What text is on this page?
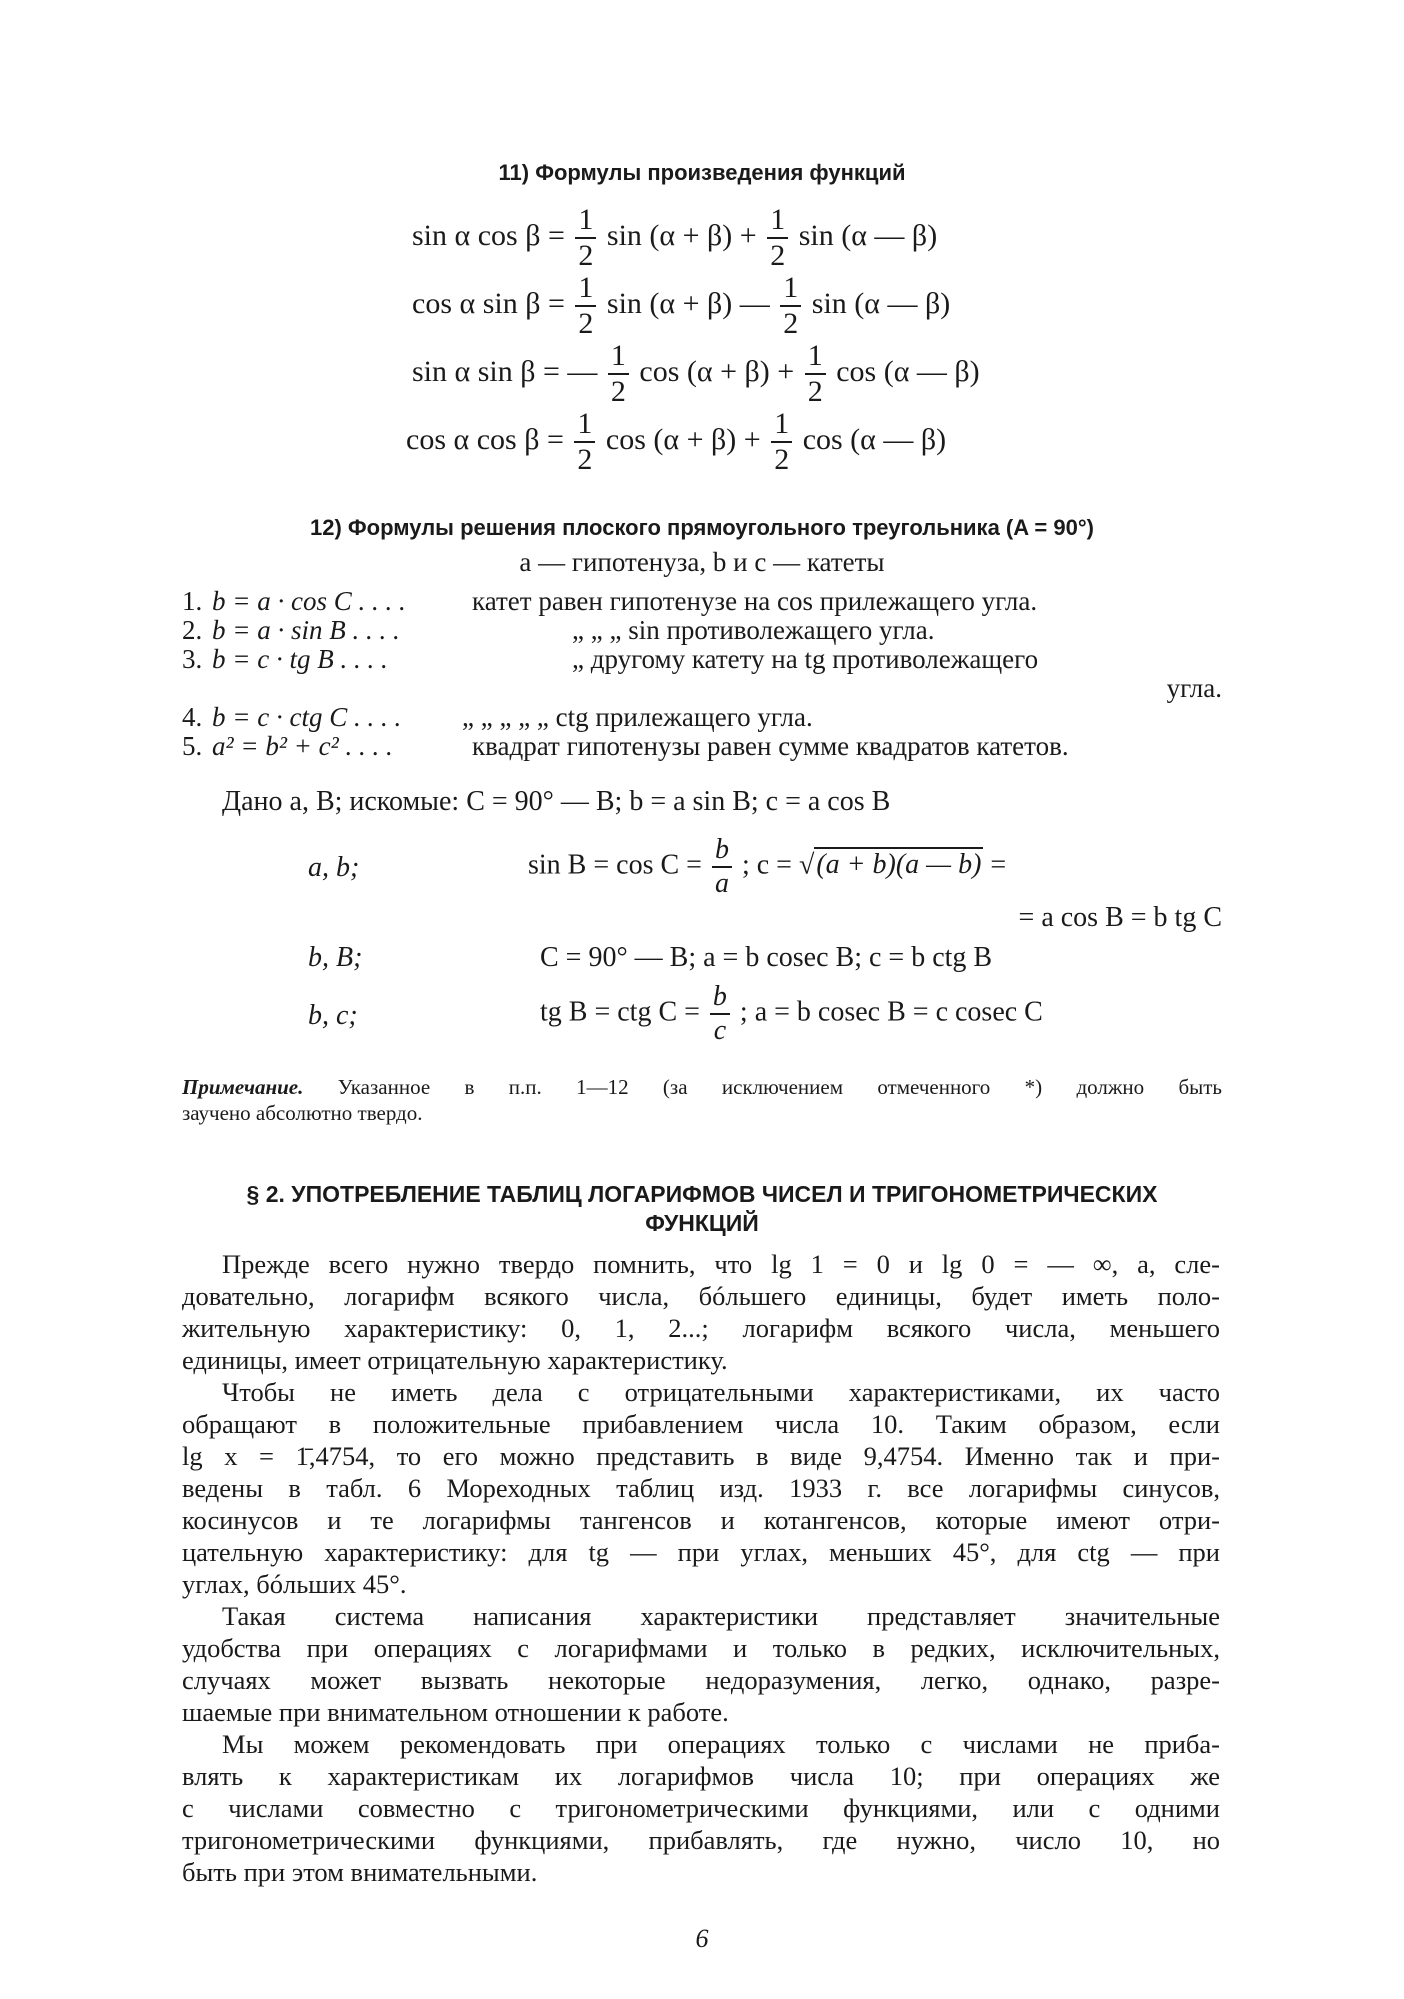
11) Формулы произведения функций
sin α $\cos \beta = \frac{1}{2}$ $\sin (\alpha + \beta) + \frac{1}{2}$ sin (α — β)
cos α $\sin \beta = \frac{1}{2}$ sin (α + β) — $\frac{1}{2}$ sin (α — β)
sin α sin β = — $\frac{1}{2}$ $\cos (\alpha + \beta) + \frac{1}{2}$ cos (α — β)
cos α $\cos \beta = \frac{1}{2}$ $\cos (\alpha + \beta) + \frac{1}{2}$ cos (α — β)
12) Формулы решения плоского прямоугольного треугольника (A = 90°)
a — гипотенуза, b и c — катеты
1. b = a · cos C . . . . катет равен гипотенузе на cos прилежащего угла.
2. b = a · sin B . . . .	„ „ „ sin противолежащего угла.
3. b = c · tg B . . . .	„ другому катету на tg противолежащего
угла.
4. b = c · ctg C . . . . „ „ „ „ „ ctg прилежащего угла.
5. a² = b² + c² . . . .	квадрат гипотенузы равен сумме квадратов катетов.
Дано a, B; искомые: C = 90° — B; b = a sin B; c = a cos B
a, b;	$\sin B = \cos C = \frac{b}{a}$ ; c = √(a + b)(a — b) =
= a cos B = b tg C
b, B;	C = 90° — B; a = b cosec B; c = b ctg B
b, c;	tg B = ctg $C = \frac{b}{c}$ ; a = b cosec B = c cosec C
Примечание. Указанное в п.п. 1—12 (за исключением отмеченного *) должно быть
заучено абсолютно твердо.
§ 2. УПОТРЕБЛЕНИЕ ТАБЛИЦ ЛОГАРИФМОВ ЧИСЕЛ И ТРИГОНОМЕТРИЧЕСКИХ
ФУНКЦИЙ
Прежде всего нужно твердо помнить, что lg 1 = 0 и lg 0 = — ∞, а, сле-
довательно, логарифм всякого числа, бóльшего единицы, будет иметь поло-
жительную характеристику: 0, 1, 2...; логарифм всякого числа, меньшего
единицы, имеет отрицательную характеристику.
Чтобы не иметь дела с отрицательными характеристиками, их часто
обращают в положительные прибавлением числа 10. Таким образом, если
lg x = 1̄,4754, то его можно представить в виде 9,4754. Именно так и при-
ведены в табл. 6 Мореходных таблиц изд. 1933 г. все логарифмы синусов,
косинусов и те логарифмы тангенсов и котангенсов, которые имеют отри-
цательную характеристику: для tg — при углах, меньших 45°, для ctg — при
углах, бóльших 45°.
Такая система написания характеристики представляет значительные
удобства при операциях с логарифмами и только в редких, исключительных,
случаях может вызвать некоторые недоразумения, легко, однако, разре-
шаемые при внимательном отношении к работе.
Мы можем рекомендовать при операциях только с числами не приба-
влять к характеристикам их логарифмов числа 10; при операциях же
с числами совместно с тригонометрическими функциями, или с одними
тригонометрическими функциями, прибавлять, где нужно, число 10, но
быть при этом внимательными.
6
